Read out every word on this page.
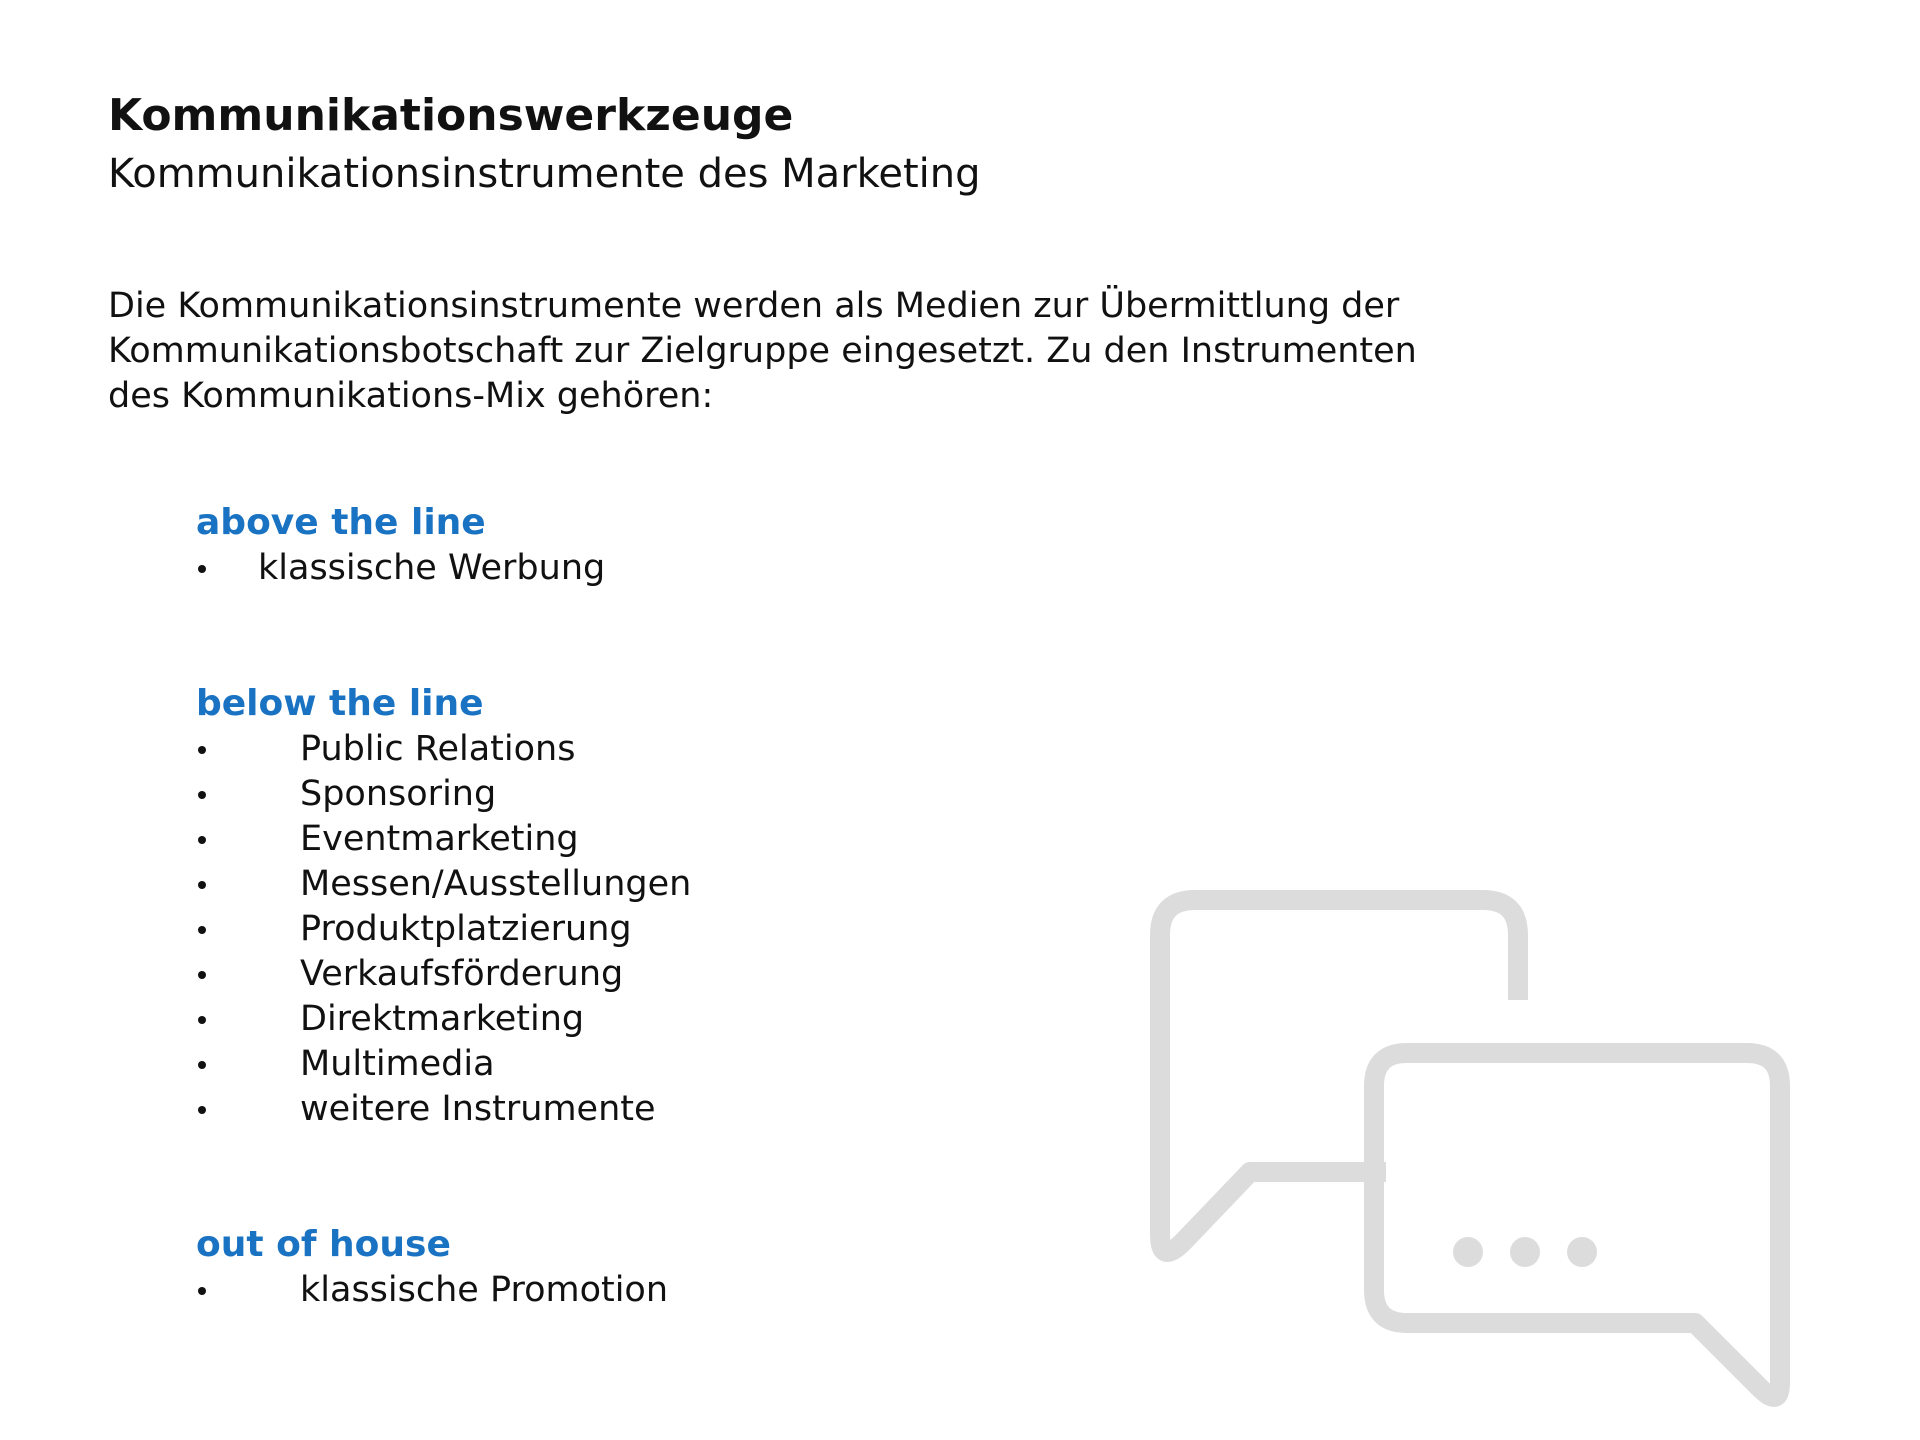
Kommunikationswerkzeuge
Kommunikationsinstrumente des Marketing

Die Kommunikationsinstrumente werden als Medien zur Übermittlung der
Kommunikationsbotschaft zur Zielgruppe eingesetzt. Zu den Instrumenten
des Kommunikations-Mix gehören:

above the line
klassische Werbung
below the line
Public Relations
Sponsoring
Eventmarketing
Messen/Ausstellungen
Produktplatzierung
Verkaufsförderung
Direktmarketing
Multimedia
weitere Instrumente
out of house
klassische Promotion
